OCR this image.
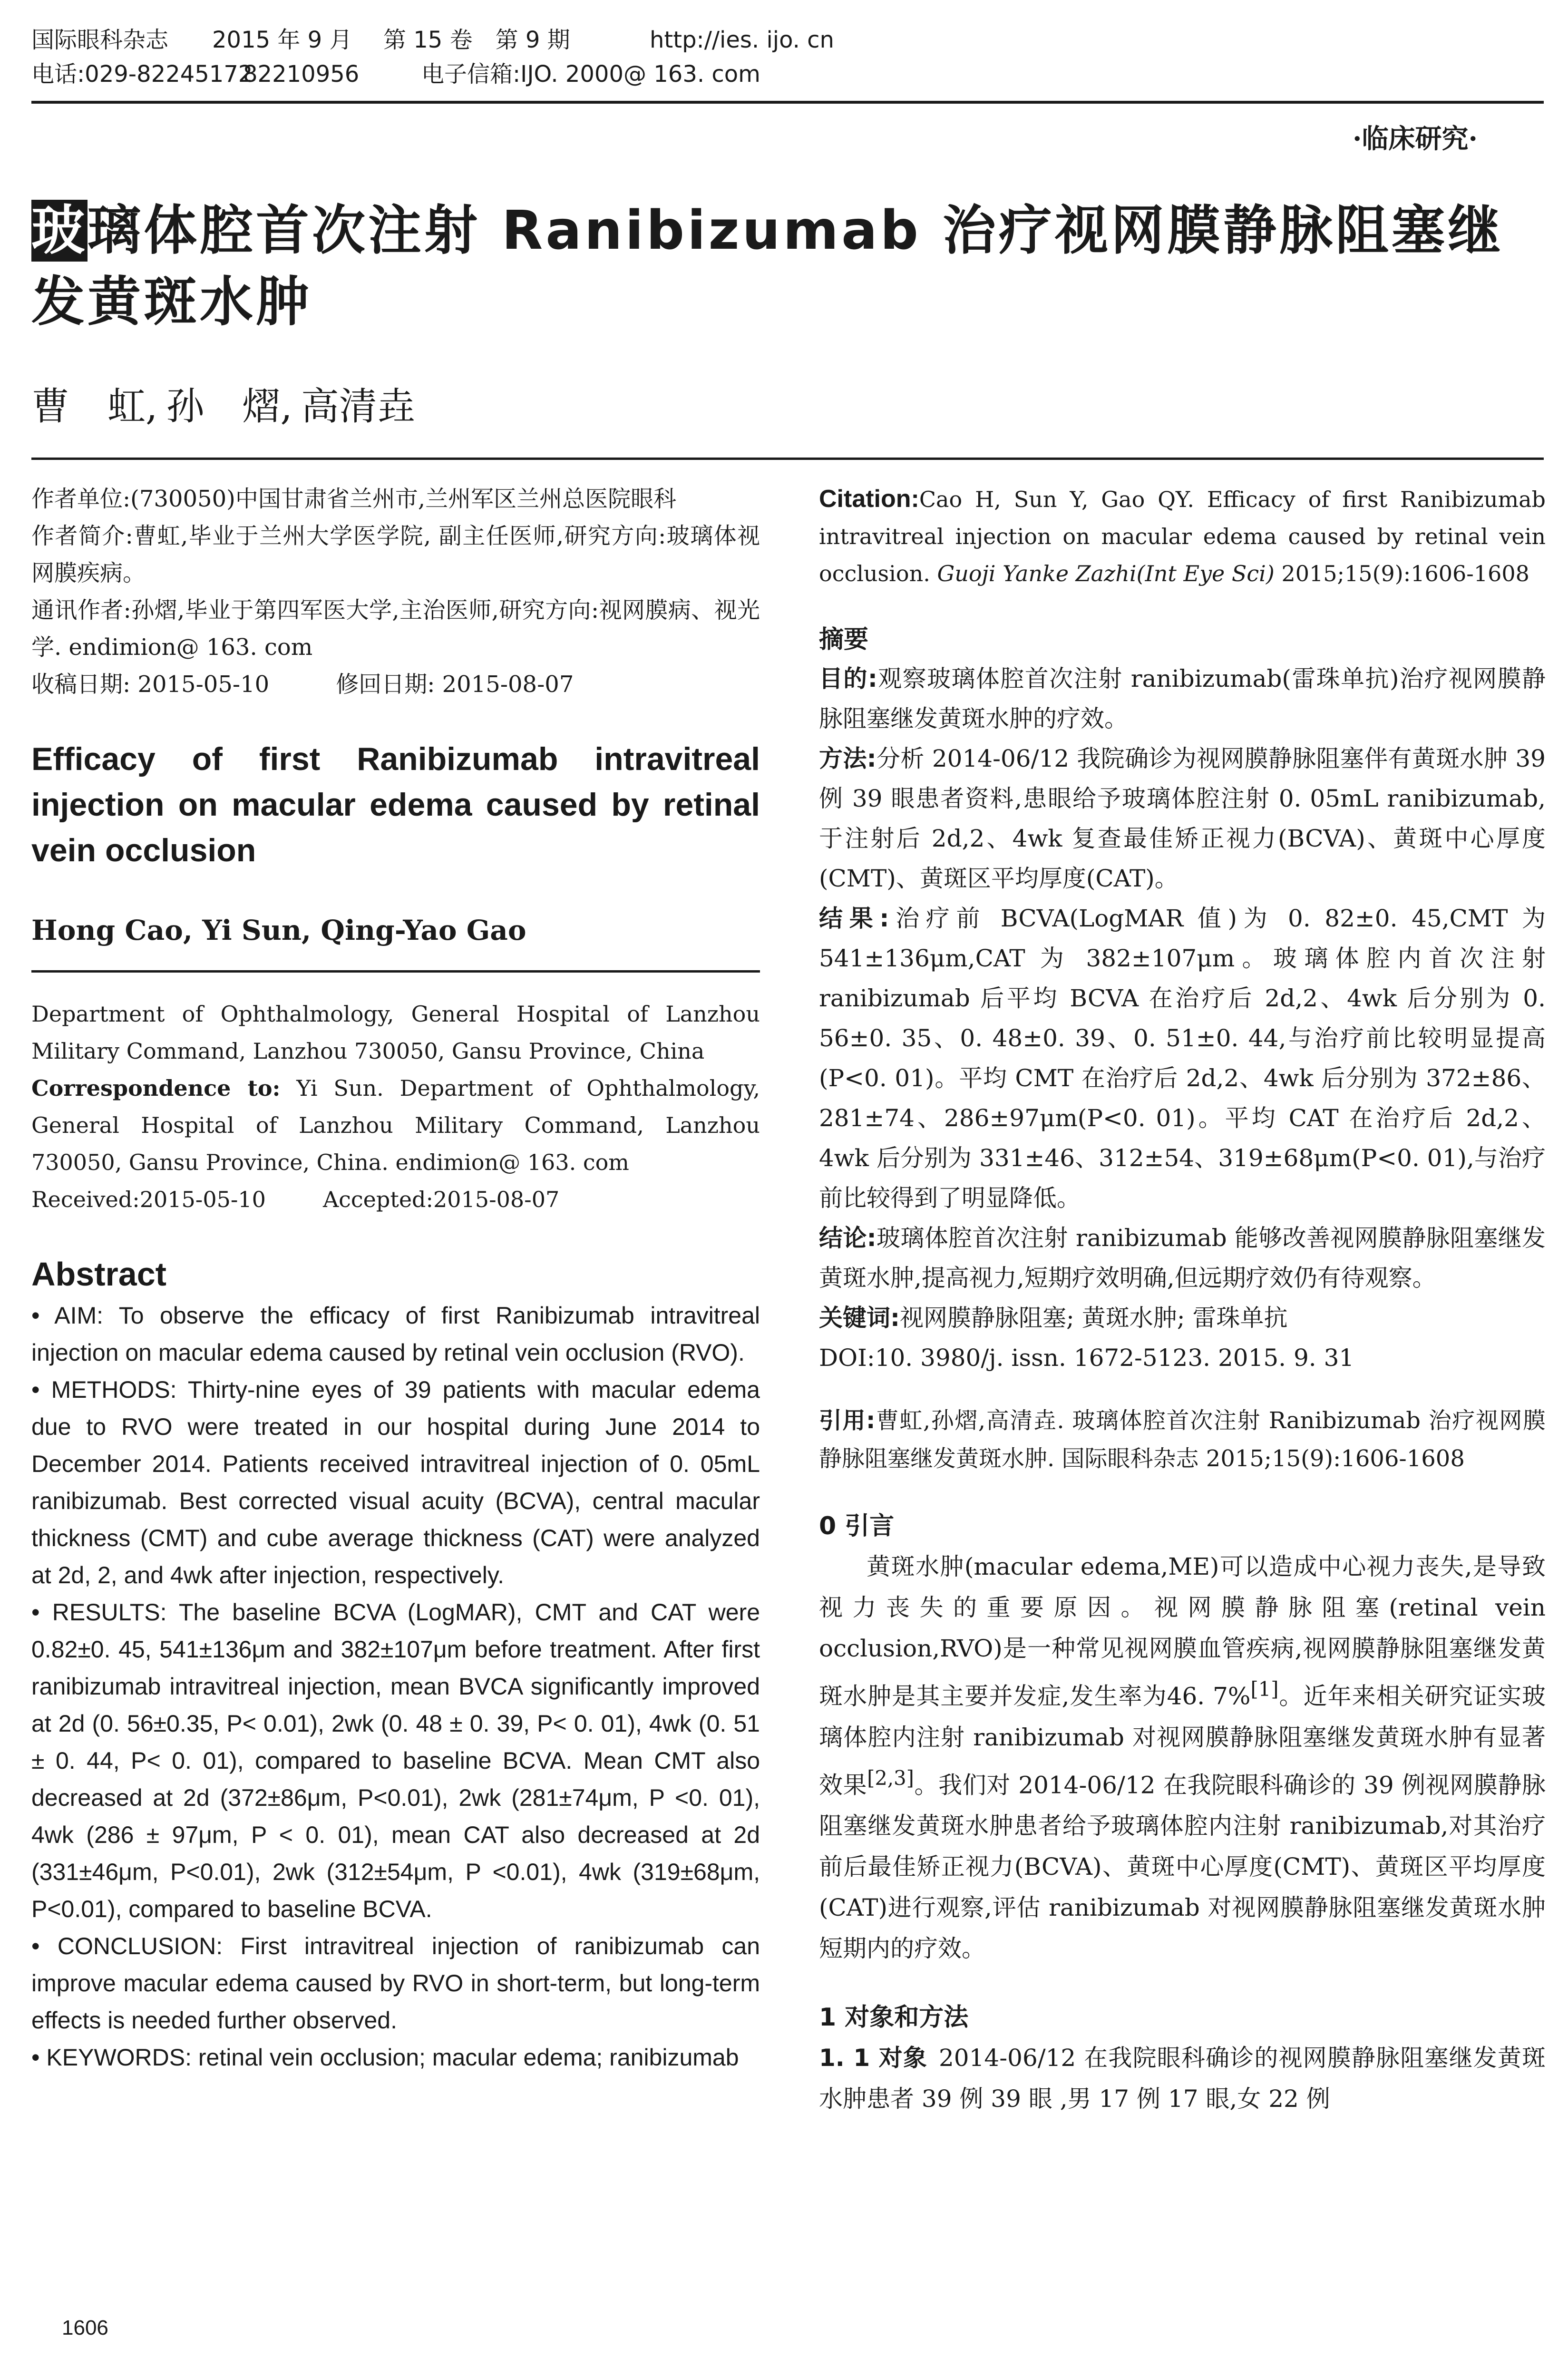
国际眼科杂志	2015 年 9 月	第 15 卷　第 9 期	http://ies. ijo. cn
电话:029-82245172
82210956	电子信箱:IJO. 2000@ 163. com
·临床研究·
玻璃体腔首次注射 Ranibizumab 治疗视网膜静脉阻塞继发黄斑水肿
曹　虹, 孙　熠, 高清垚

作者单位:(730050)中国甘肃省兰州市,兰州军区兰州总医院眼科

作者简介:曹虹,毕业于兰州大学医学院, 副主任医师,研究方向:玻璃体视网膜疾病。

通讯作者:孙熠,毕业于第四军医大学,主治医师,研究方向:视网膜病、视光学. endimion@ 163. com

收稿日期: 2015-05-10	修回日期: 2015-08-07

Efficacy of first Ranibizumab intravitreal injection on macular edema caused by retinal vein occlusion
Hong Cao, Yi Sun, Qing-Yao Gao

Department of Ophthalmology, General Hospital of Lanzhou Military Command, Lanzhou 730050, Gansu Province, China

Correspondence to: Yi Sun. Department of Ophthalmology, General Hospital of Lanzhou Military Command, Lanzhou 730050, Gansu Province, China. endimion@ 163. com

Received:2015-05-10	Accepted:2015-08-07

Abstract

• AIM: To observe the efficacy of first Ranibizumab intravitreal injection on macular edema caused by retinal vein occlusion (RVO).

• METHODS: Thirty-nine eyes of 39 patients with macular edema due to RVO were treated in our hospital during June 2014 to December 2014. Patients received intravitreal injection of 0. 05mL ranibizumab. Best corrected visual acuity (BCVA), central macular thickness (CMT) and cube average thickness (CAT) were analyzed at 2d, 2, and 4wk after injection, respectively.

• RESULTS: The baseline BCVA (LogMAR), CMT and CAT were 0.82±0. 45, 541±136μm and 382±107μm before treatment. After first ranibizumab intravitreal injection, mean BVCA significantly improved at 2d (0. 56±0.35, P< 0.01), 2wk (0. 48 ± 0. 39, P< 0. 01), 4wk (0. 51 ± 0. 44, P< 0. 01), compared to baseline BCVA. Mean CMT also decreased at 2d (372±86μm, P<0.01), 2wk (281±74μm, P <0. 01), 4wk (286 ± 97μm, P < 0. 01), mean CAT also decreased at 2d (331±46μm, P<0.01), 2wk (312±54μm, P <0.01), 4wk (319±68μm, P<0.01), compared to baseline BCVA.

• CONCLUSION: First intravitreal injection of ranibizumab can improve macular edema caused by RVO in short-term, but long-term effects is needed further observed.

• KEYWORDS: retinal vein occlusion; macular edema; ranibizumab

1606

Citation:Cao H, Sun Y, Gao QY. Efficacy of first Ranibizumab intravitreal injection on macular edema caused by retinal vein occlusion. Guoji Yanke Zazhi(Int Eye Sci) 2015;15(9):1606-1608

摘要

目的:观察玻璃体腔首次注射 ranibizumab(雷珠单抗)治疗视网膜静脉阻塞继发黄斑水肿的疗效。

方法:分析 2014-06/12 我院确诊为视网膜静脉阻塞伴有黄斑水肿 39 例 39 眼患者资料,患眼给予玻璃体腔注射 0. 05mL ranibizumab,于注射后 2d,2、4wk 复查最佳矫正视力(BCVA)、黄斑中心厚度(CMT)、黄斑区平均厚度(CAT)。

结果:治疗前 BCVA(LogMAR 值)为 0. 82±0. 45,CMT 为 541±136μm,CAT 为 382±107μm。玻璃体腔内首次注射 ranibizumab 后平均 BCVA 在治疗后 2d,2、4wk 后分别为 0. 56±0. 35、0. 48±0. 39、0. 51±0. 44,与治疗前比较明显提高(P<0. 01)。平均 CMT 在治疗后 2d,2、4wk 后分别为 372±86、281±74、286±97μm(P<0. 01)。平均 CAT 在治疗后 2d,2、4wk 后分别为 331±46、312±54、319±68μm(P<0. 01),与治疗前比较得到了明显降低。

结论:玻璃体腔首次注射 ranibizumab 能够改善视网膜静脉阻塞继发黄斑水肿,提高视力,短期疗效明确,但远期疗效仍有待观察。

关键词:视网膜静脉阻塞; 黄斑水肿; 雷珠单抗

DOI:10. 3980/j. issn. 1672-5123. 2015. 9. 31

引用:曹虹,孙熠,高清垚. 玻璃体腔首次注射 Ranibizumab 治疗视网膜静脉阻塞继发黄斑水肿. 国际眼科杂志 2015;15(9):1606-1608

0 引言

黄斑水肿(macular edema,ME)可以造成中心视力丧失,是导致视力丧失的重要原因。视网膜静脉阻塞(retinal vein occlusion,RVO)是一种常见视网膜血管疾病,视网膜静脉阻塞继发黄斑水肿是其主要并发症,发生率为46. 7%[1]。近年来相关研究证实玻璃体腔内注射 ranibizumab 对视网膜静脉阻塞继发黄斑水肿有显著效果[2,3]。我们对 2014-06/12 在我院眼科确诊的 39 例视网膜静脉阻塞继发黄斑水肿患者给予玻璃体腔内注射 ranibizumab,对其治疗前后最佳矫正视力(BCVA)、黄斑中心厚度(CMT)、黄斑区平均厚度(CAT)进行观察,评估 ranibizumab 对视网膜静脉阻塞继发黄斑水肿短期内的疗效。

1 对象和方法

1. 1 对象 2014-06/12 在我院眼科确诊的视网膜静脉阻塞继发黄斑水肿患者 39 例 39 眼 ,男 17 例 17 眼,女 22 例
